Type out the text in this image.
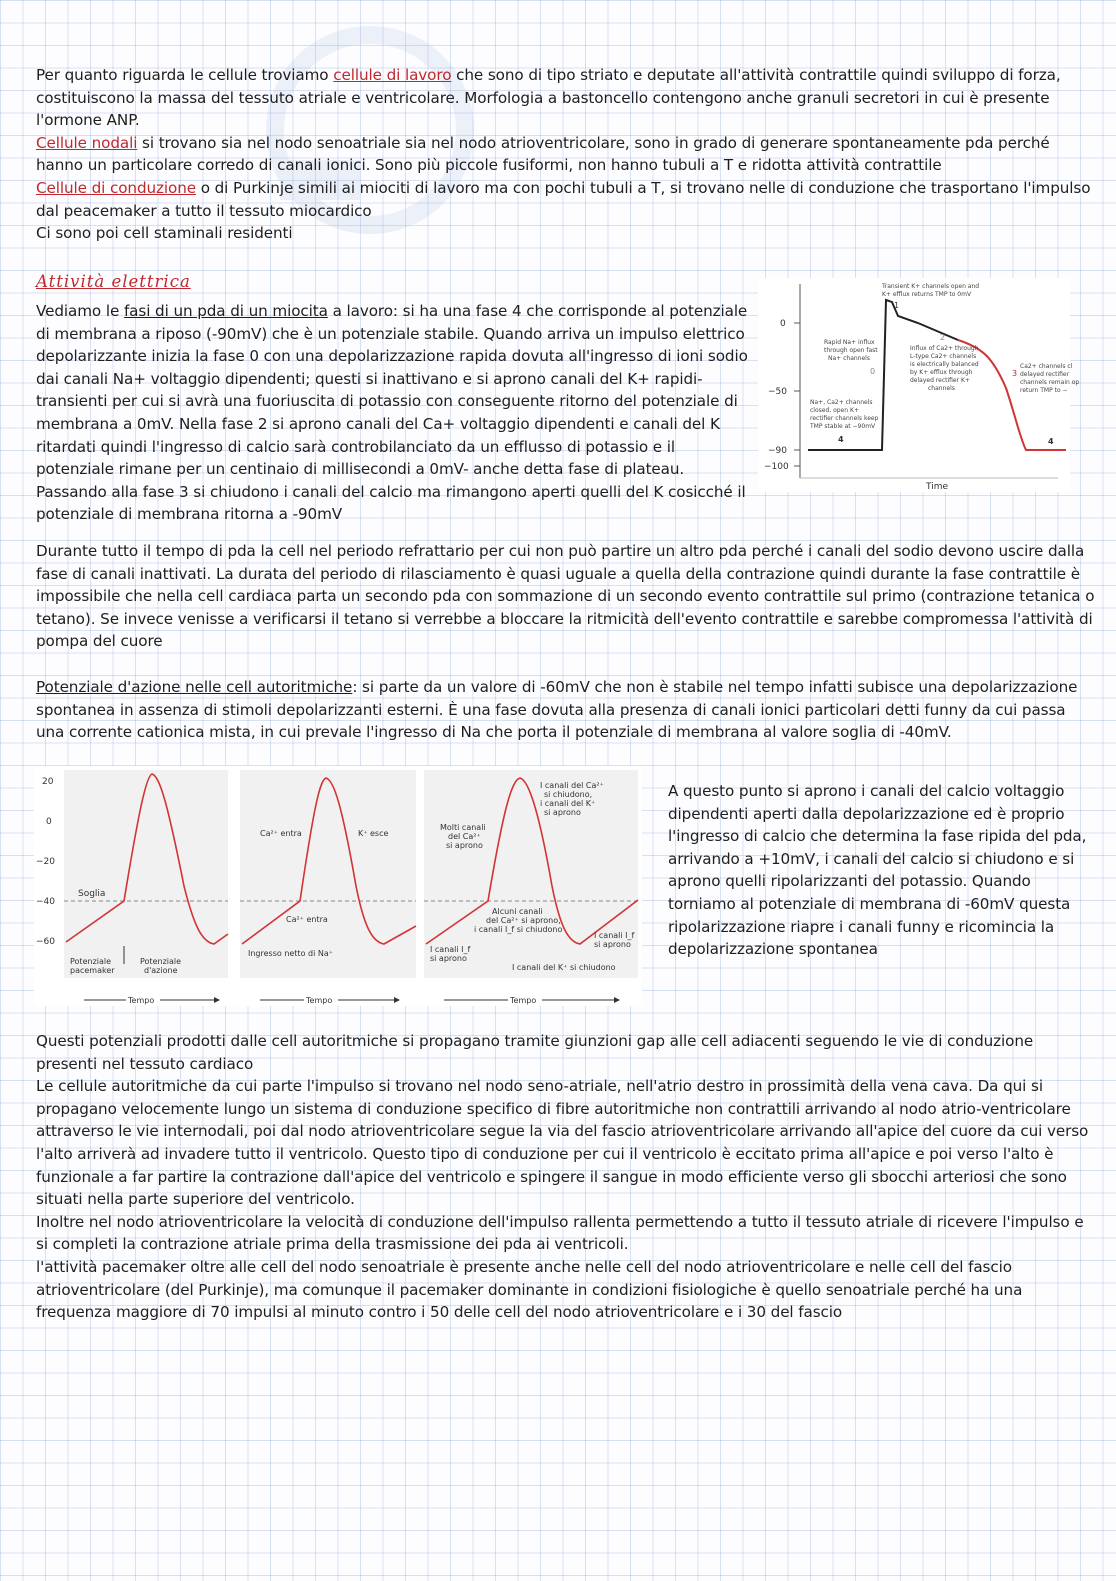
Per quanto riguarda le cellule troviamo cellule di lavoro che sono di tipo striato e deputate all'attività contrattile quindi sviluppo di forza, costituiscono la massa del tessuto atriale e ventricolare. Morfologia a bastoncello contengono anche granuli secretori in cui è presente l'ormone ANP.

Cellule nodali si trovano sia nel nodo senoatriale sia nel nodo atrioventricolare, sono in grado di generare spontaneamente pda perché hanno un particolare corredo di canali ionici. Sono più piccole fusiformi, non hanno tubuli a T e ridotta attività contrattile

Cellule di conduzione o di Purkinje simili ai miociti di lavoro ma con pochi tubuli a T, si trovano nelle di conduzione che trasportano l'impulso dal peacemaker a tutto il tessuto miocardico

Ci sono poi cell staminali residenti

Attività elettrica

Vediamo le fasi di un pda di un miocita a lavoro: si ha una fase 4 che corrisponde al potenziale di membrana a riposo (-90mV) che è un potenziale stabile. Quando arriva un impulso elettrico depolarizzante inizia la fase 0 con una depolarizzazione rapida dovuta all'ingresso di ioni sodio dai canali Na+ voltaggio dipendenti; questi si inattivano e si aprono canali del K+ rapidi-transienti per cui si avrà una fuoriuscita di potassio con conseguente ritorno del potenziale di membrana a 0mV. Nella fase 2 si aprono canali del Ca+ voltaggio dipendenti e canali del K ritardati quindi l'ingresso di calcio sarà controbilanciato da un efflusso di potassio e il potenziale rimane per un centinaio di millisecondi a 0mV- anche detta fase di plateau. Passando alla fase 3 si chiudono i canali del calcio ma rimangono aperti quelli del K cosicché il potenziale di membrana ritorna a -90mV

0
−50
−90
−100
Time
0
1
2
3
4	4
Transient K+ channels open and
K+ efflux returns TMP to 0mV
Rapid Na+ influx
through open fast
Na+ channels
Influx of Ca2+ through
L-type Ca2+ channels
is electrically balanced
by K+ efflux through
delayed rectifier K+
channels
Na+, Ca2+ channels
closed, open K+
rectifier channels keep
TMP stable at −90mV
Ca2+ channels cl
delayed rectifier
channels remain op
return TMP to −

Durante tutto il tempo di pda la cell nel periodo refrattario per cui non può partire un altro pda perché i canali del sodio devono uscire dalla fase di canali inattivati. La durata del periodo di rilasciamento è quasi uguale a quella della contrazione quindi durante la fase contrattile è impossibile che nella cell cardiaca parta un secondo pda con sommazione di un secondo evento contrattile sul primo (contrazione tetanica o tetano). Se invece venisse a verificarsi il tetano si verrebbe a bloccare la ritmicità dell'evento contrattile e sarebbe compromessa l'attività di pompa del cuore

Potenziale d'azione nelle cell autoritmiche: si parte da un valore di -60mV che non è stabile nel tempo infatti subisce una depolarizzazione spontanea in assenza di stimoli depolarizzanti esterni. È una fase dovuta alla presenza di canali ionici particolari detti funny da cui passa una corrente cationica mista, in cui prevale l'ingresso di Na che porta il potenziale di membrana al valore soglia di -40mV.

20
0
−20
−40
−60
Soglia
Potenziale
pacemaker
Potenziale
d'azione
Tempo
Ca²⁺ entra	K⁺ esce
Ca²⁺ entra
Ingresso netto di Na⁺
Tempo
I canali del Ca²⁺
si chiudono,
i canali del K⁺
si aprono
Molti canali
del Ca²⁺
si aprono
Alcuni canali
del Ca²⁺ si aprono,
i canali I_f si chiudono
I canali I_f
si aprono
I canali I_f
si aprono
I canali del K⁺ si chiudono
Tempo

A questo punto si aprono i canali del calcio voltaggio dipendenti aperti dalla depolarizzazione ed è proprio l'ingresso di calcio che determina la fase ripida del pda, arrivando a +10mV, i canali del calcio si chiudono e si aprono quelli ripolarizzanti del potassio. Quando torniamo al potenziale di membrana di -60mV questa ripolarizzazione riapre i canali funny e ricomincia la depolarizzazione spontanea

Questi potenziali prodotti dalle cell autoritmiche si propagano tramite giunzioni gap alle cell adiacenti seguendo le vie di conduzione presenti nel tessuto cardiaco

Le cellule autoritmiche da cui parte l'impulso si trovano nel nodo seno-atriale, nell'atrio destro in prossimità della vena cava. Da qui si propagano velocemente lungo un sistema di conduzione specifico di fibre autoritmiche non contrattili arrivando al nodo atrio-ventricolare attraverso le vie internodali, poi dal nodo atrioventricolare segue la via del fascio atrioventricolare arrivando all'apice del cuore da cui verso l'alto arriverà ad invadere tutto il ventricolo. Questo tipo di conduzione per cui il ventricolo è eccitato prima all'apice e poi verso l'alto è funzionale a far partire la contrazione dall'apice del ventricolo e spingere il sangue in modo efficiente verso gli sbocchi arteriosi che sono situati nella parte superiore del ventricolo.

Inoltre nel nodo atrioventricolare la velocità di conduzione dell'impulso rallenta permettendo a tutto il tessuto atriale di ricevere l'impulso e si completi la contrazione atriale prima della trasmissione dei pda ai ventricoli.

l'attività pacemaker oltre alle cell del nodo senoatriale è presente anche nelle cell del nodo atrioventricolare e nelle cell del fascio atrioventricolare (del Purkinje), ma comunque il pacemaker dominante in condizioni fisiologiche è quello senoatriale perché ha una frequenza maggiore di 70 impulsi al minuto contro i 50 delle cell del nodo atrioventricolare e i 30 del fascio
